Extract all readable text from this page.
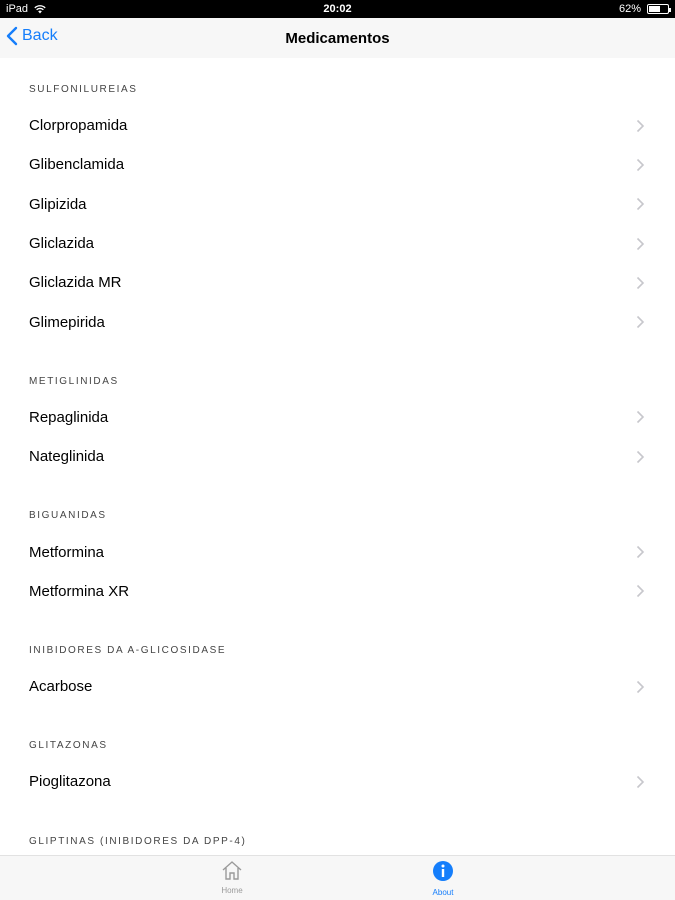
iPad	20:02	62%
Back	Medicamentos
SULFONILUREIAS
Clorpropamida
Glibenclamida
Glipizida
Gliclazida
Gliclazida MR
Glimepirida
METIGLINIDAS
Repaglinida
Nateglinida
BIGUANIDAS
Metformina
Metformina XR
INIBIDORES DA A-GLICOSIDASE
Acarbose
GLITAZONAS
Pioglitazona
GLIPTINAS (INIBIDORES DA DPP-4)
Home	About
